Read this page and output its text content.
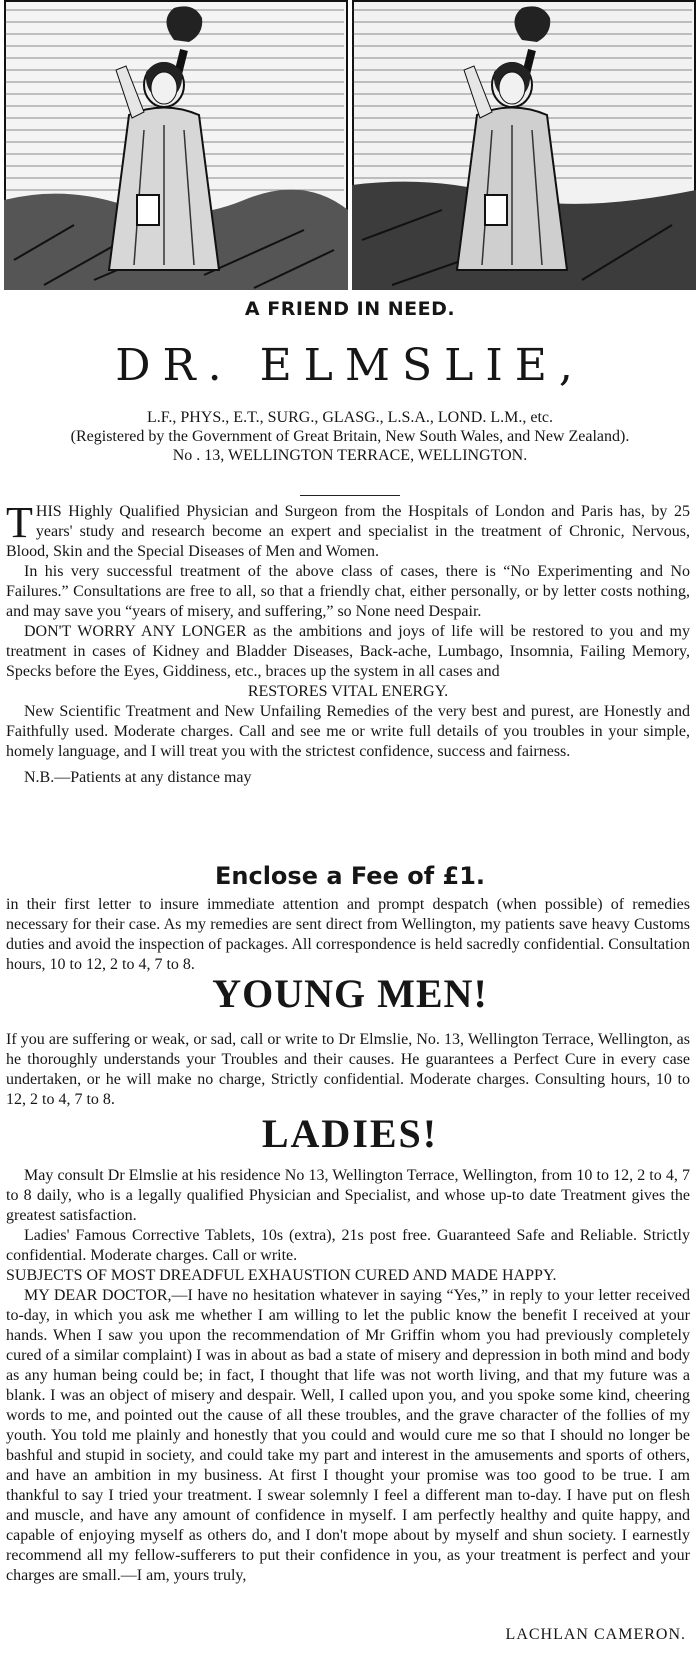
A FRIEND IN NEED.
DR. ELMSLIE,

L.F., PHYS., E.T., SURG., GLASG., L.S.A., LOND. L.M., etc.

(Registered by the Government of Great Britain, New South Wales, and New Zealand).

No . 13, WELLINGTON TERRACE, WELLINGTON.

THIS Highly Qualified Physician and Surgeon from the Hospitals of London and Paris has, by 25 years' study and research become an expert and specialist in the treatment of Chronic, Nervous, Blood, Skin and the Special Diseases of Men and Women.

In his very successful treatment of the above class of cases, there is “No Experimenting and No Failures.” Consultations are free to all, so that a friendly chat, either personally, or by letter costs nothing, and may save you “years of misery, and suffering,” so None need Despair.

DON'T WORRY ANY LONGER as the ambitions and joys of life will be restored to you and my treatment in cases of Kidney and Bladder Diseases, Back-ache, Lumbago, Insomnia, Failing Memory, Specks before the Eyes, Giddiness, etc., braces up the system in all cases and

RESTORES VITAL ENERGY.

New Scientific Treatment and New Unfailing Remedies of the very best and purest, are Honestly and Faithfully used. Moderate charges. Call and see me or write full details of you troubles in your simple, homely language, and I will treat you with the strictest confidence, success and fairness.

N.B.—Patients at any distance may

Enclose a Fee of £1.
in their first letter to insure immediate attention and prompt despatch (when possible) of remedies necessary for their case. As my remedies are sent direct from Wellington, my patients save heavy Customs duties and avoid the inspection of packages. All correspondence is held sacredly confidential. Consultation hours, 10 to 12, 2 to 4, 7 to 8.
YOUNG MEN!
If you are suffering or weak, or sad, call or write to Dr Elmslie, No. 13, Wellington Terrace, Wellington, as he thoroughly understands your Troubles and their causes. He guarantees a Perfect Cure in every case undertaken, or he will make no charge, Strictly confidential. Moderate charges. Consulting hours, 10 to 12, 2 to 4, 7 to 8.
LADIES!

May consult Dr Elmslie at his residence No 13, Wellington Terrace, Wellington, from 10 to 12, 2 to 4, 7 to 8 daily, who is a legally qualified Physician and Specialist, and whose up-to date Treatment gives the greatest satisfaction.

Ladies' Famous Corrective Tablets, 10s (extra), 21s post free. Guaranteed Safe and Reliable. Strictly confidential. Moderate charges. Call or write.

SUBJECTS OF MOST DREADFUL EXHAUSTION CURED AND MADE HAPPY.

MY DEAR DOCTOR,—I have no hesitation whatever in saying “Yes,” in reply to your letter received to-day, in which you ask me whether I am willing to let the public know the benefit I received at your hands. When I saw you upon the recommendation of Mr Griffin whom you had previously completely cured of a similar complaint) I was in about as bad a state of misery and depression in both mind and body as any human being could be; in fact, I thought that life was not worth living, and that my future was a blank. I was an object of misery and despair. Well, I called upon you, and you spoke some kind, cheering words to me, and pointed out the cause of all these troubles, and the grave character of the follies of my youth. You told me plainly and honestly that you could and would cure me so that I should no longer be bashful and stupid in society, and could take my part and interest in the amusements and sports of others, and have an ambition in my business. At first I thought your promise was too good to be true. I am thankful to say I tried your treatment. I swear solemnly I feel a different man to-day. I have put on flesh and muscle, and have any amount of confidence in myself. I am perfectly healthy and quite happy, and capable of enjoying myself as others do, and I don't mope about by myself and shun society. I earnestly recommend all my fellow-sufferers to put their confidence in you, as your treatment is perfect and your charges are small.—I am, yours truly,

LACHLAN CAMERON.
